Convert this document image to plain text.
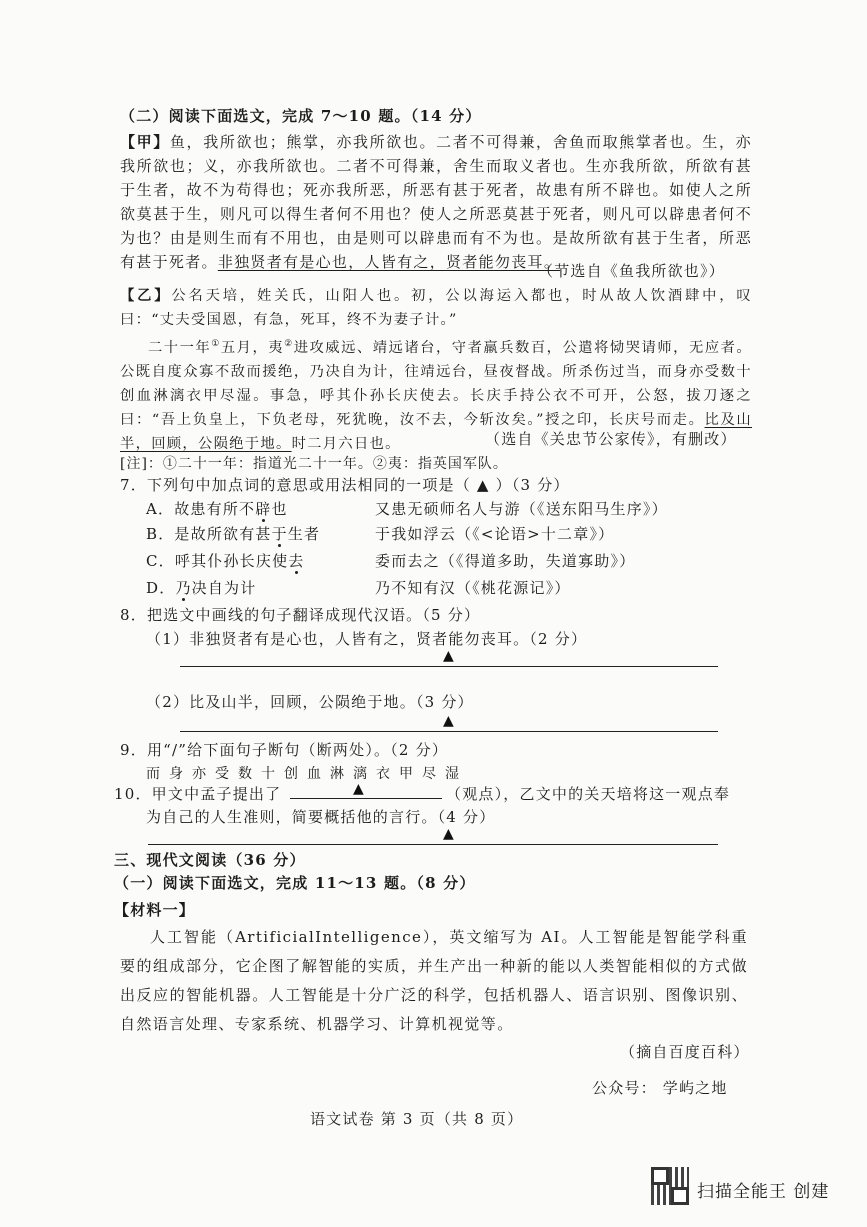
（二）阅读下面选文，完成 7～10 题。（14 分）
【甲】鱼，我所欲也；熊掌，亦我所欲也。二者不可得兼，舍鱼而取熊掌者也。生，亦我所欲也；义，亦我所欲也。二者不可得兼，舍生而取义者也。生亦我所欲，所欲有甚于生者，故不为苟得也；死亦我所恶，所恶有甚于死者，故患有所不辟也。如使人之所欲莫甚于生，则凡可以得生者何不用也？使人之所恶莫甚于死者，则凡可以辟患者何不为也？由是则生而有不用也，由是则可以辟患而有不为也。是故所欲有甚于生者，所恶有甚于死者。非独贤者有是心也，人皆有之，贤者能勿丧耳。
（节选自《鱼我所欲也》）
【乙】公名天培，姓关氏，山阳人也。初，公以海运入都也，时从故人饮酒肆中，叹曰：“丈夫受国恩，有急，死耳，终不为妻子计。”
二十一年①五月，夷②进攻威远、靖远诸台，守者羸兵数百，公遣将恸哭请师，无应者。公既自度众寡不敌而援绝，乃决自为计，往靖远台，昼夜督战。所杀伤过当，而身亦受数十创血淋漓衣甲尽湿。事急，呼其仆孙长庆使去。长庆手持公衣不可开，公怒，拔刀逐之曰：“吾上负皇上，下负老母，死犹晚，汝不去，今斩汝矣。”授之印，长庆号而走。比及山半，回顾，公陨绝于地。时二月六日也。	（选自《关忠节公家传》，有删改）
[注]：①二十一年：指道光二十一年。②夷：指英国军队。
7．下列句中加点词的意思或用法相同的一项是（ ▲ ）（3 分）
A．故患有所不辟也	又患无硕师名人与游（《送东阳马生序》）
B．是故所欲有甚于生者	于我如浮云（《<论语>十二章》）
C．呼其仆孙长庆使去	委而去之（《得道多助，失道寡助》）
D．乃决自为计	乃不知有汉（《桃花源记》）
8．把选文中画线的句子翻译成现代汉语。（5 分）
（1）非独贤者有是心也，人皆有之，贤者能勿丧耳。（2 分）
▲
（2）比及山半，回顾，公陨绝于地。（3 分）
▲
9．用“/”给下面句子断句（断两处）。（2 分）
而身亦受数十创血淋漓衣甲尽湿
10．甲文中孟子提出了	▲	（观点），乙文中的关天培将这一观点奉
为自己的人生准则，简要概括他的言行。（4 分）
▲
三、现代文阅读（36 分）
（一）阅读下面选文，完成 11～13 题。（8 分）
【材料一】
人工智能（ArtificialIntelligence），英文缩写为 AI。人工智能是智能学科重要的组成部分，它企图了解智能的实质，并生产出一种新的能以人类智能相似的方式做出反应的智能机器。人工智能是十分广泛的科学，包括机器人、语言识别、图像识别、自然语言处理、专家系统、机器学习、计算机视觉等。
（摘自百度百科）
公众号： 学屿之地
语文试卷 第 3 页（共 8 页）
扫描全能王 创建
